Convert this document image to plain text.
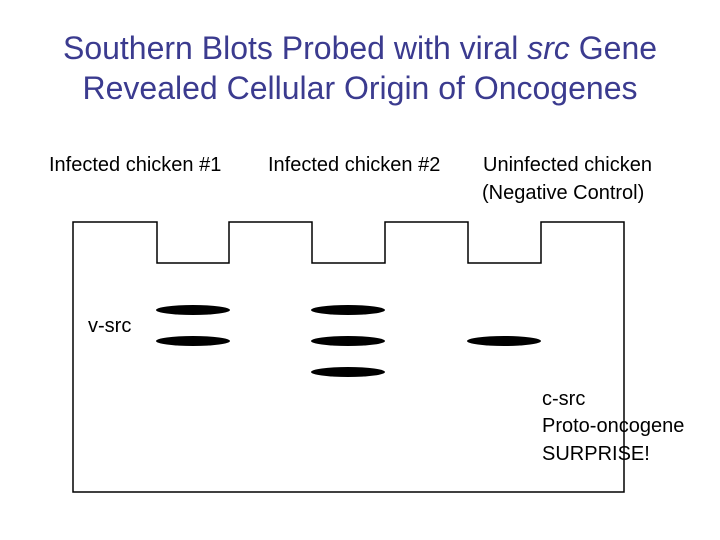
Southern Blots Probed with viral src Gene
Revealed Cellular Origin of Oncogenes
Infected chicken #1 Infected chicken #2 Uninfected chicken
(Negative Control)
v-src
c-src
Proto-oncogene
SURPRISE!
